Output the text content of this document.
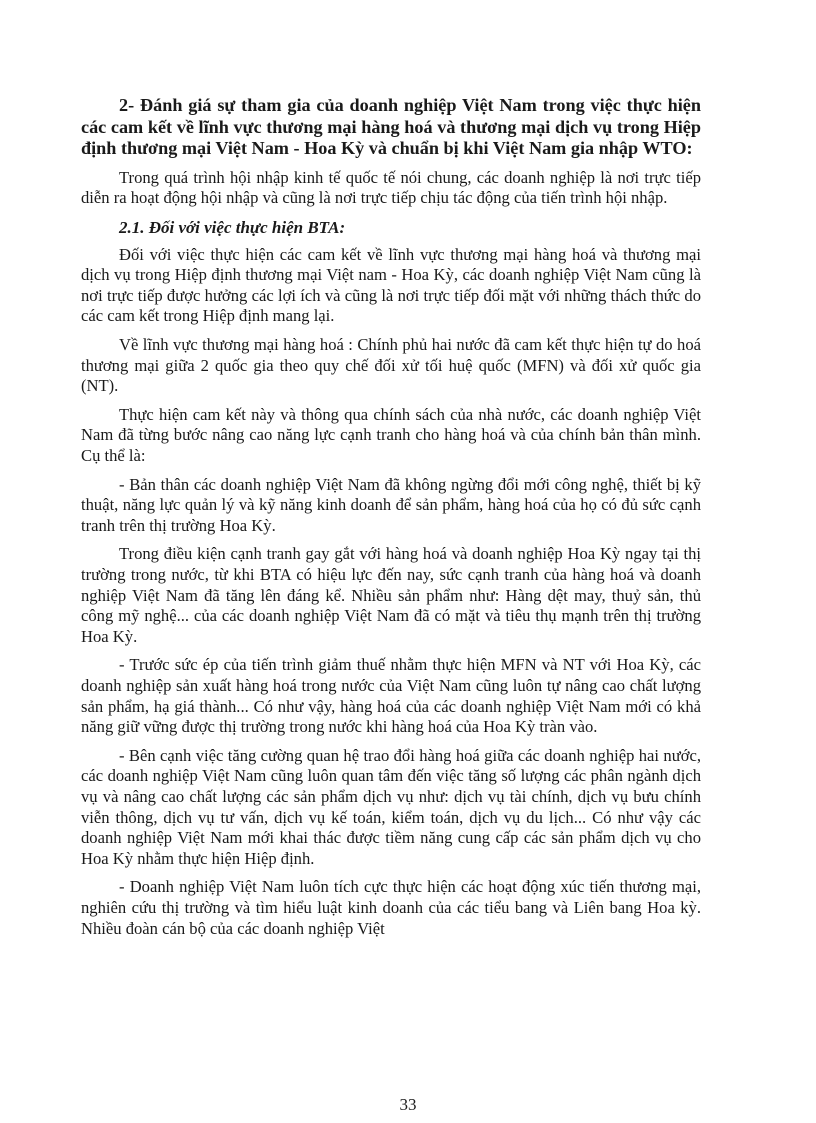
2- Đánh giá sự tham gia của doanh nghiệp Việt Nam trong việc thực hiện các cam kết về lĩnh vực thương mại hàng hoá và thương mại dịch vụ trong Hiệp định thương mại Việt Nam - Hoa Kỳ và chuẩn bị khi Việt Nam gia nhập WTO:

Trong quá trình hội nhập kinh tế quốc tế nói chung, các doanh nghiệp là nơi trực tiếp diễn ra hoạt động hội nhập và cũng là nơi trực tiếp chịu tác động của tiến trình hội nhập.

2.1. Đối với việc thực hiện BTA:

Đối với việc thực hiện các cam kết về lĩnh vực thương mại hàng hoá và thương mại dịch vụ trong Hiệp định thương mại Việt nam - Hoa Kỳ, các doanh nghiệp Việt Nam cũng là nơi trực tiếp được hưởng các lợi ích và cũng là nơi trực tiếp đối mặt với những thách thức do các cam kết trong Hiệp định mang lại.

Về lĩnh vực thương mại hàng hoá : Chính phủ hai nước đã cam kết thực hiện tự do hoá thương mại giữa 2 quốc gia theo quy chế đối xử tối huệ quốc (MFN) và đối xử quốc gia (NT).

Thực hiện cam kết này và thông qua chính sách của nhà nước, các doanh nghiệp Việt Nam đã từng bước nâng cao năng lực cạnh tranh cho hàng hoá và của chính bản thân mình. Cụ thể là:

- Bản thân các doanh nghiệp Việt Nam đã không ngừng đổi mới công nghệ, thiết bị kỹ thuật, năng lực quản lý và kỹ năng kinh doanh để sản phẩm, hàng hoá của họ có đủ sức cạnh tranh trên thị trường Hoa Kỳ.

Trong điều kiện cạnh tranh gay gắt với hàng hoá và doanh nghiệp Hoa Kỳ ngay tại thị trường trong nước, từ khi BTA có hiệu lực đến nay, sức cạnh tranh của hàng hoá và doanh nghiệp Việt Nam đã tăng lên đáng kể. Nhiều sản phẩm như: Hàng dệt may, thuỷ sản, thủ công mỹ nghệ... của các doanh nghiệp Việt Nam đã có mặt và tiêu thụ mạnh trên thị trường Hoa Kỳ.

- Trước sức ép của tiến trình giảm thuế nhằm thực hiện MFN và NT với Hoa Kỳ, các doanh nghiệp sản xuất hàng hoá trong nước của Việt Nam cũng luôn tự nâng cao chất lượng sản phẩm, hạ giá thành... Có như vậy, hàng hoá của các doanh nghiệp Việt Nam mới có khả năng giữ vững được thị trường trong nước khi hàng hoá của Hoa Kỳ tràn vào.

- Bên cạnh việc tăng cường quan hệ trao đổi hàng hoá giữa các doanh nghiệp hai nước, các doanh nghiệp Việt Nam cũng luôn quan tâm đến việc tăng số lượng các phân ngành dịch vụ và nâng cao chất lượng các sản phẩm dịch vụ như: dịch vụ tài chính, dịch vụ bưu chính viễn thông, dịch vụ tư vấn, dịch vụ kế toán, kiểm toán, dịch vụ du lịch... Có như vậy các doanh nghiệp Việt Nam mới khai thác được tiềm năng cung cấp các sản phẩm dịch vụ cho Hoa Kỳ nhằm thực hiện Hiệp định.

- Doanh nghiệp Việt Nam luôn tích cực thực hiện các hoạt động xúc tiến thương mại, nghiên cứu thị trường và tìm hiểu luật kinh doanh của các tiểu bang và Liên bang Hoa kỳ. Nhiều đoàn cán bộ của các doanh nghiệp Việt

33
